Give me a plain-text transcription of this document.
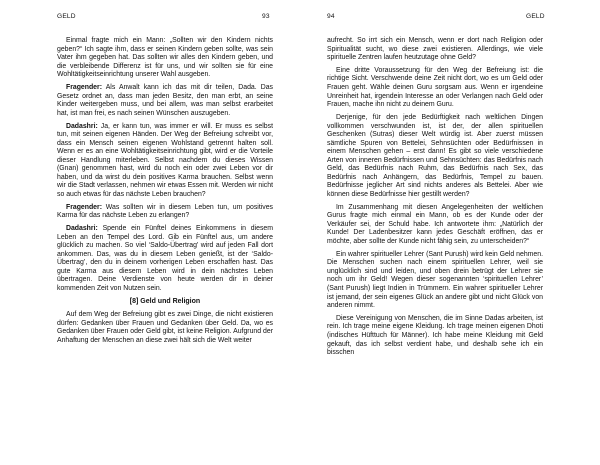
GELD	93

Einmal fragte mich ein Mann: „Sollten wir den Kindern nichts geben?“ Ich sagte ihm, dass er seinen Kindern geben sollte, was sein Vater ihm gegeben hat. Das sollten wir alles den Kindern geben, und die verbleibende Differenz ist für uns, und wir sollten sie für eine Wohltätigkeitseinrichtung unserer Wahl ausgeben.

Fragender: Als Anwalt kann ich das mit dir teilen, Dada. Das Gesetz ordnet an, dass man jeden Besitz, den man erbt, an seine Kinder weitergeben muss, und bei allem, was man selbst erarbeitet hat, ist man frei, es nach seinen Wünschen auszugeben.

Dadashri: Ja, er kann tun, was immer er will. Er muss es selbst tun, mit seinen eigenen Händen. Der Weg der Befreiung schreibt vor, dass ein Mensch seinen eigenen Wohlstand getrennt halten soll. Wenn er es an eine Wohltätigkeitseinrichtung gibt, wird er die Vorteile dieser Handlung miterleben. Selbst nachdem du dieses Wissen (Gnan) genommen hast, wird du noch ein oder zwei Leben vor dir haben, und da wirst du dein positives Karma brauchen. Selbst wenn wir die Stadt verlassen, nehmen wir etwas Essen mit. Werden wir nicht so auch etwas für das nächste Leben brauchen?

Fragender: Was sollten wir in diesem Leben tun, um positives Karma für das nächste Leben zu erlangen?

Dadashri: Spende ein Fünftel deines Einkommens in diesem Leben an den Tempel des Lord. Gib ein Fünftel aus, um andere glücklich zu machen. So viel ‘Saldo-Übertrag’ wird auf jeden Fall dort ankommen. Das, was du in diesem Leben genießt, ist der ‘Saldo-Übertrag’, den du in deinem vorherigen Leben erschaffen hast. Das gute Karma aus diesem Leben wird in dein nächstes Leben übertragen. Deine Verdienste von heute werden dir in deiner kommenden Zeit von Nutzen sein.

[8] Geld und Religion

Auf dem Weg der Befreiung gibt es zwei Dinge, die nicht existieren dürfen: Gedanken über Frauen und Gedanken über Geld. Da, wo es Gedanken über Frauen oder Geld gibt, ist keine Religion. Aufgrund der Anhaftung der Menschen an diese zwei hält sich die Welt weiter

94	GELD

aufrecht. So irrt sich ein Mensch, wenn er dort nach Religion oder Spiritualität sucht, wo diese zwei existieren. Allerdings, wie viele spirituelle Zentren laufen heutzutage ohne Geld?

Eine dritte Voraussetzung für den Weg der Befreiung ist: die richtige Sicht. Verschwende deine Zeit nicht dort, wo es um Geld oder Frauen geht. Wähle deinen Guru sorgsam aus. Wenn er irgendeine Unreinheit hat, irgendein Interesse an oder Verlangen nach Geld oder Frauen, mache ihn nicht zu deinem Guru.

Derjenige, für den jede Bedürftigkeit nach weltlichen Dingen vollkommen verschwunden ist, ist der, der allen spirituellen Geschenken (Sutras) dieser Welt würdig ist. Aber zuerst müssen sämtliche Spuren von Bettelei, Sehnsüchten oder Bedürfnissen in einem Menschen gehen – erst dann! Es gibt so viele verschiedene Arten von inneren Bedürfnissen und Sehnsüchten: das Bedürfnis nach Geld, das Bedürfnis nach Ruhm, das Bedürfnis nach Sex, das Bedürfnis nach Anhängern, das Bedürfnis, Tempel zu bauen. Bedürfnisse jeglicher Art sind nichts anderes als Bettelei. Aber wie können diese Bedürfnisse hier gestillt werden?

Im Zusammenhang mit diesen Angelegenheiten der weltlichen Gurus fragte mich einmal ein Mann, ob es der Kunde oder der Verkäufer sei, der Schuld habe. Ich antwortete ihm: „Natürlich der Kunde! Der Ladenbesitzer kann jedes Geschäft eröffnen, das er möchte, aber sollte der Kunde nicht fähig sein, zu unterscheiden?“

Ein wahrer spiritueller Lehrer (Sant Purush) wird kein Geld nehmen. Die Menschen suchen nach einem spirituellen Lehrer, weil sie unglücklich sind und leiden, und oben drein betrügt der Lehrer sie noch um ihr Geld! Wegen dieser sogenannten ‘spirituellen Lehrer’ (Sant Purush) liegt Indien in Trümmern. Ein wahrer spiritueller Lehrer ist jemand, der sein eigenes Glück an andere gibt und nicht Glück von anderen nimmt.

Diese Vereinigung von Menschen, die im Sinne Dadas arbeiten, ist rein. Ich trage meine eigene Kleidung. Ich trage meinen eigenen Dhoti (indisches Hüfttuch für Männer). Ich habe meine Kleidung mit Geld gekauft, das ich selbst verdient habe, und deshalb sehe ich ein bisschen
